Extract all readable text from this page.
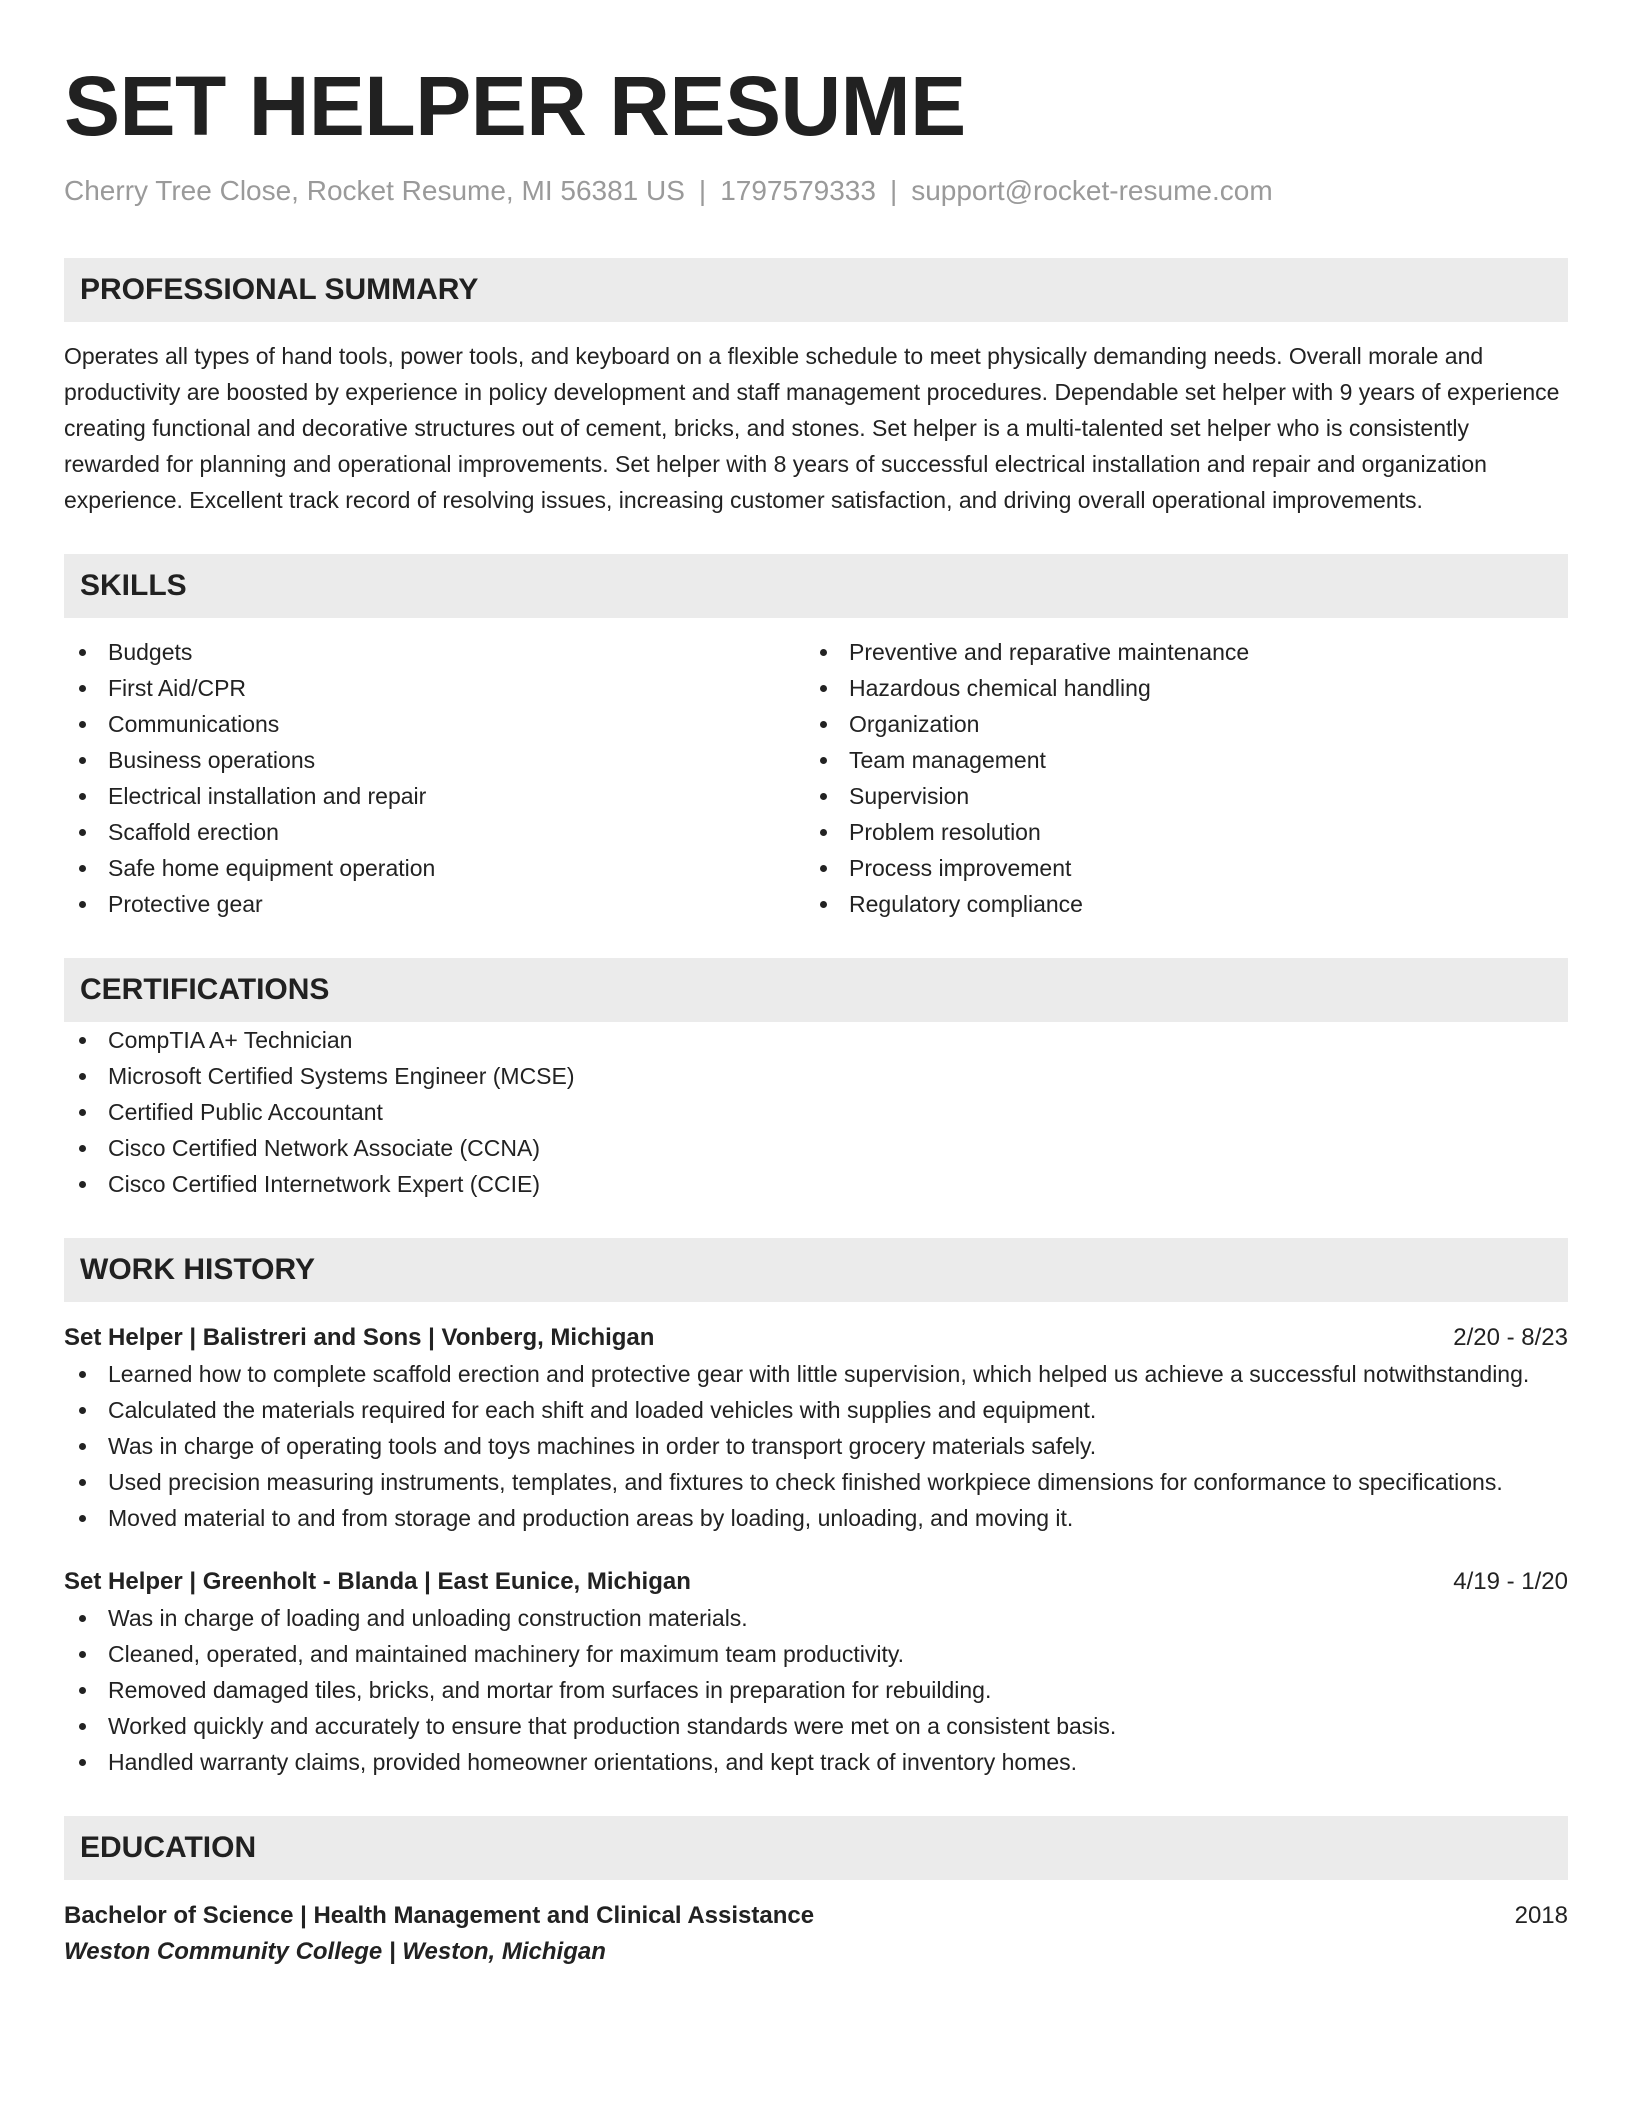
SET HELPER RESUME
Cherry Tree Close, Rocket Resume, MI 56381 US | 1797579333 | support@rocket-resume.com
PROFESSIONAL SUMMARY
Operates all types of hand tools, power tools, and keyboard on a flexible schedule to meet physically demanding needs. Overall morale and productivity are boosted by experience in policy development and staff management procedures. Dependable set helper with 9 years of experience creating functional and decorative structures out of cement, bricks, and stones. Set helper is a multi-talented set helper who is consistently rewarded for planning and operational improvements. Set helper with 8 years of successful electrical installation and repair and organization experience. Excellent track record of resolving issues, increasing customer satisfaction, and driving overall operational improvements.
SKILLS
Budgets
First Aid/CPR
Communications
Business operations
Electrical installation and repair
Scaffold erection
Safe home equipment operation
Protective gear
Preventive and reparative maintenance
Hazardous chemical handling
Organization
Team management
Supervision
Problem resolution
Process improvement
Regulatory compliance
CERTIFICATIONS
CompTIA A+ Technician
Microsoft Certified Systems Engineer (MCSE)
Certified Public Accountant
Cisco Certified Network Associate (CCNA)
Cisco Certified Internetwork Expert (CCIE)
WORK HISTORY
Set Helper | Balistreri and Sons | Vonberg, Michigan	2/20 - 8/23
Learned how to complete scaffold erection and protective gear with little supervision, which helped us achieve a successful notwithstanding.
Calculated the materials required for each shift and loaded vehicles with supplies and equipment.
Was in charge of operating tools and toys machines in order to transport grocery materials safely.
Used precision measuring instruments, templates, and fixtures to check finished workpiece dimensions for conformance to specifications.
Moved material to and from storage and production areas by loading, unloading, and moving it.
Set Helper | Greenholt - Blanda | East Eunice, Michigan	4/19 - 1/20
Was in charge of loading and unloading construction materials.
Cleaned, operated, and maintained machinery for maximum team productivity.
Removed damaged tiles, bricks, and mortar from surfaces in preparation for rebuilding.
Worked quickly and accurately to ensure that production standards were met on a consistent basis.
Handled warranty claims, provided homeowner orientations, and kept track of inventory homes.
EDUCATION
Bachelor of Science | Health Management and Clinical Assistance	2018
Weston Community College | Weston, Michigan
